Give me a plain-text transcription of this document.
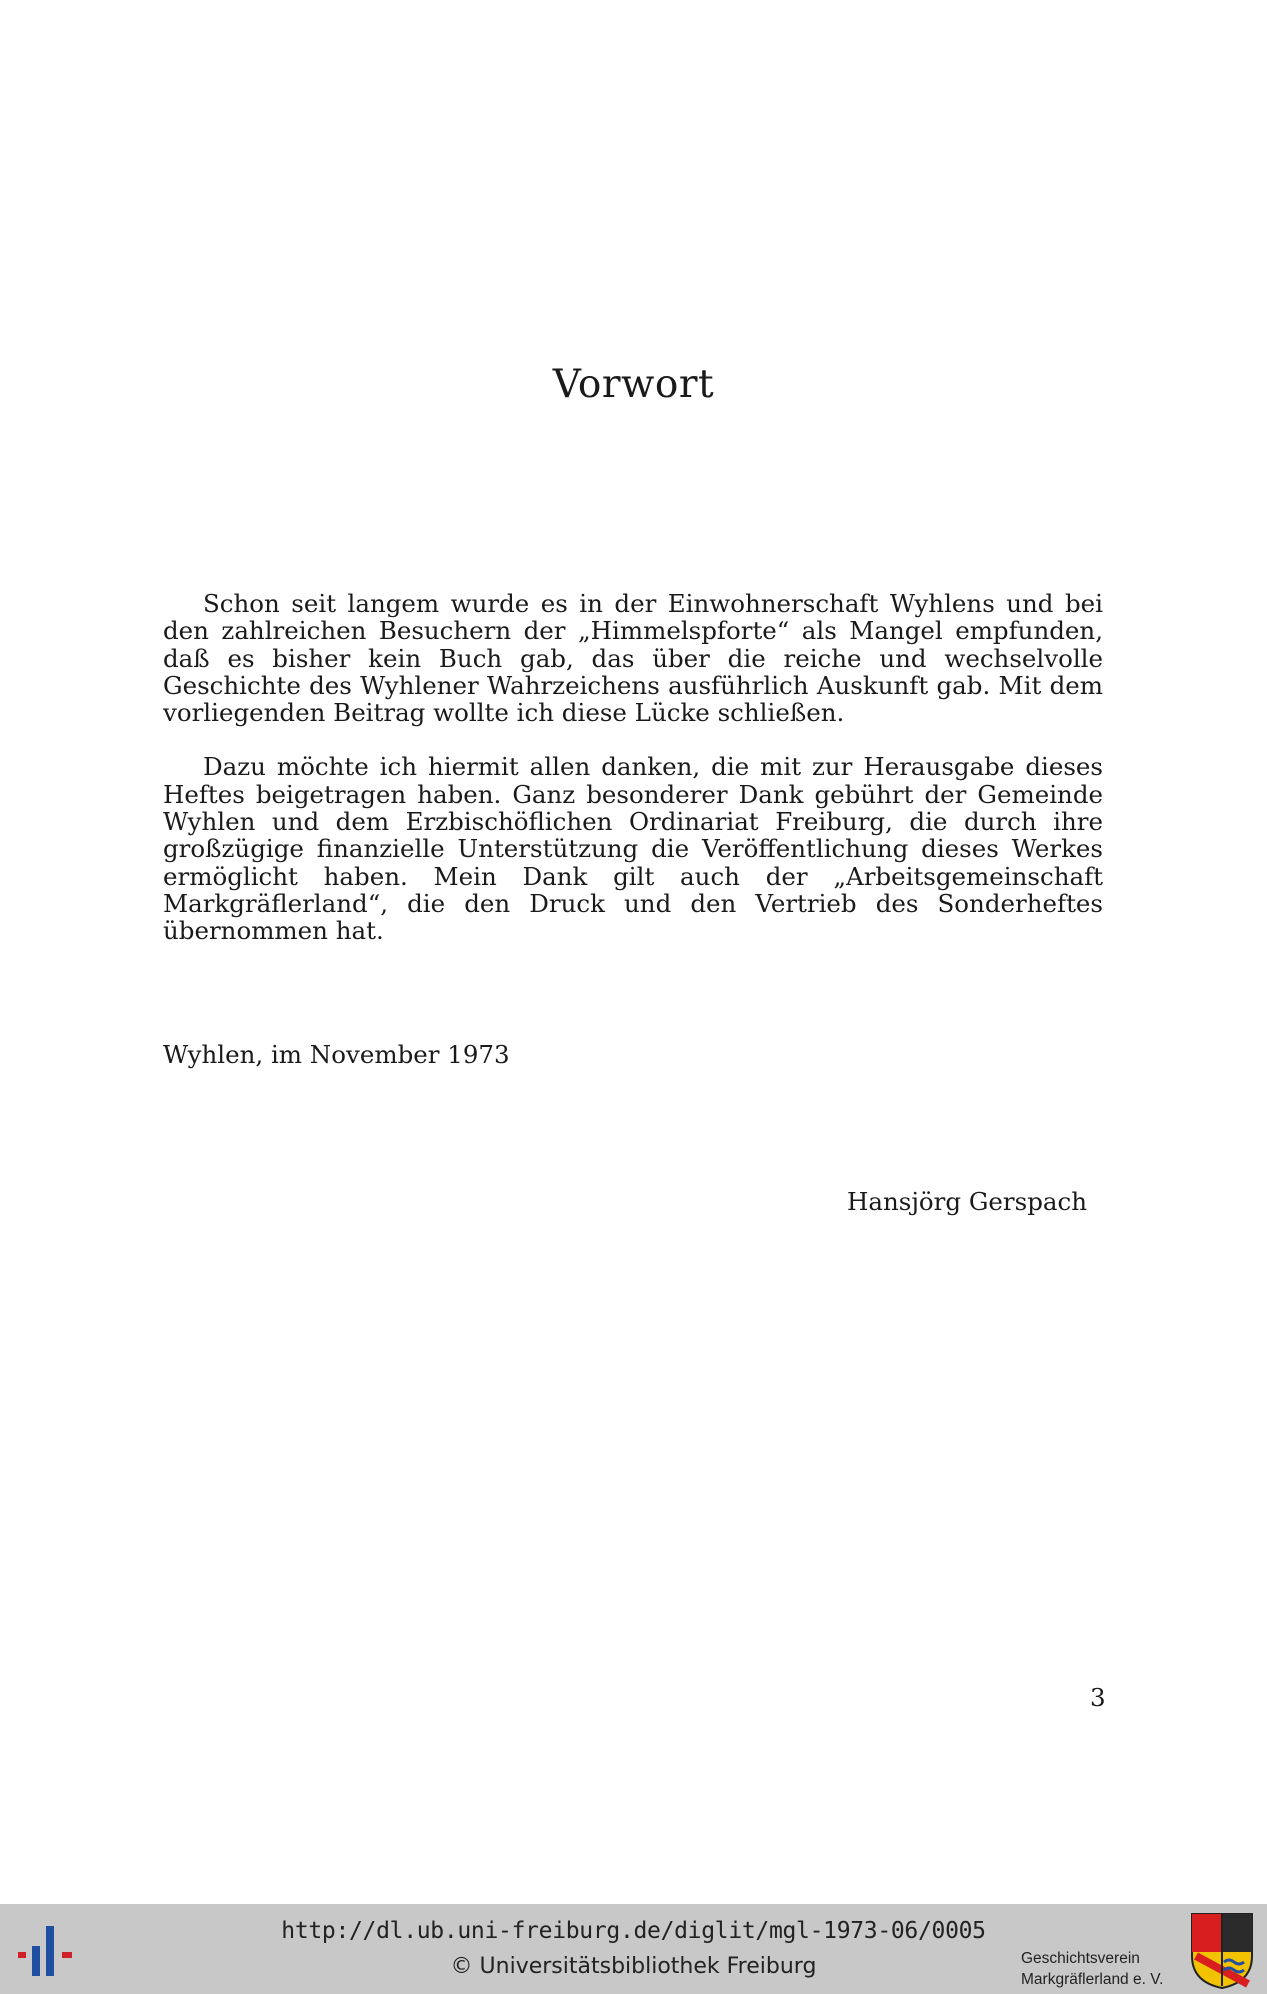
Vorwort

Schon seit langem wurde es in der Einwohnerschaft Wyhlens und bei den zahlreichen Besuchern der „Himmelspforte“ als Mangel empfunden, daß es bisher kein Buch gab, das über die reiche und wechselvolle Geschichte des Wyhlener Wahrzeichens ausführlich Auskunft gab. Mit dem vorliegenden Beitrag wollte ich diese Lücke schließen.

Dazu möchte ich hiermit allen danken, die mit zur Herausgabe dieses Heftes beigetragen haben. Ganz besonderer Dank gebührt der Gemeinde Wyhlen und dem Erzbischöflichen Ordinariat Freiburg, die durch ihre großzügige finanzielle Unterstützung die Veröffentlichung dieses Werkes ermöglicht haben. Mein Dank gilt auch der „Arbeitsgemeinschaft Markgräflerland“, die den Druck und den Vertrieb des Sonderheftes übernommen hat.

Wyhlen, im November 1973
Hansjörg Gerspach
3
http://dl.ub.uni-freiburg.de/diglit/mgl-1973-06/0005
© Universitätsbibliothek Freiburg	Geschichtsverein
Markgräflerland e. V.
